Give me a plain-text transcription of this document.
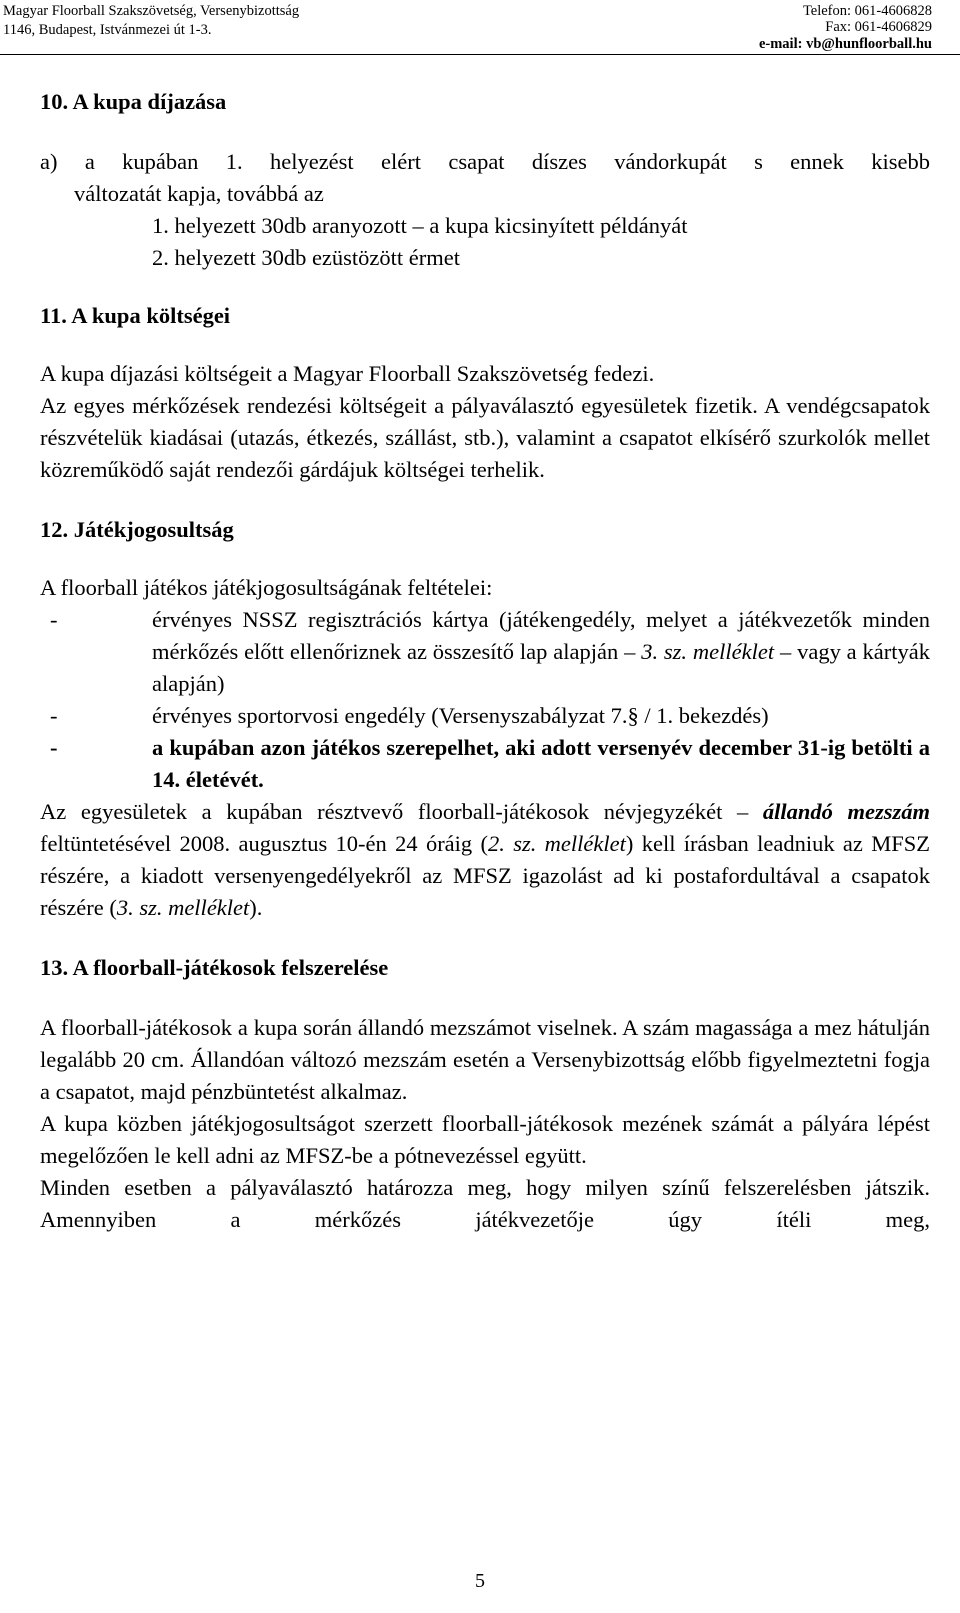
Magyar Floorball Szakszövetség, Versenybizottság
1146, Budapest, Istvánmezei út 1-3.
Telefon: 061-4606828
Fax: 061-4606829
e-mail: vb@hunfloorball.hu

10. A kupa díjazása

a) a kupában 1. helyezést elért csapat díszes vándorkupát s ennek kisebb

változatát kapja, továbbá az

1. helyezett 30db aranyozott – a kupa kicsinyített példányát

2. helyezett 30db ezüstözött érmet

11. A kupa költségei

A kupa díjazási költségeit a Magyar Floorball Szakszövetség fedezi.

Az egyes mérkőzések rendezési költségeit a pályaválasztó egyesületek fizetik. A vendégcsapatok részvételük kiadásai (utazás, étkezés, szállást, stb.), valamint a csapatot elkísérő szurkolók mellet közreműködő saját rendezői gárdájuk költségei terhelik.

12. Játékjogosultság

A floorball játékos játékjogosultságának feltételei:

-	érvényes NSSZ regisztrációs kártya (játékengedély, melyet a játékvezetők minden mérkőzés előtt ellenőriznek az összesítő lap alapján – 3. sz. melléklet – vagy a kártyák alapján)
-	érvényes sportorvosi engedély (Versenyszabályzat 7.§ / 1. bekezdés)
-	a kupában azon játékos szerepelhet, aki adott versenyév december 31-ig betölti a 14. életévét.

Az egyesületek a kupában résztvevő floorball-játékosok névjegyzékét – állandó mezszám feltüntetésével 2008. augusztus 10-én 24 óráig (2. sz. melléklet) kell írásban leadniuk az MFSZ részére, a kiadott versenyengedélyekről az MFSZ igazolást ad ki postafordultával a csapatok részére (3. sz. melléklet).

13. A floorball-játékosok felszerelése

A floorball-játékosok a kupa során állandó mezszámot viselnek. A szám magassága a mez hátulján legalább 20 cm. Állandóan változó mezszám esetén a Versenybizottság előbb figyelmeztetni fogja a csapatot, majd pénzbüntetést alkalmaz.

A kupa közben játékjogosultságot szerzett floorball-játékosok mezének számát a pályára lépést megelőzően le kell adni az MFSZ-be a pótnevezéssel együtt.

Minden esetben a pályaválasztó határozza meg, hogy milyen színű felszerelésben játszik. Amennyiben a mérkőzés játékvezetője úgy ítéli meg,

5
